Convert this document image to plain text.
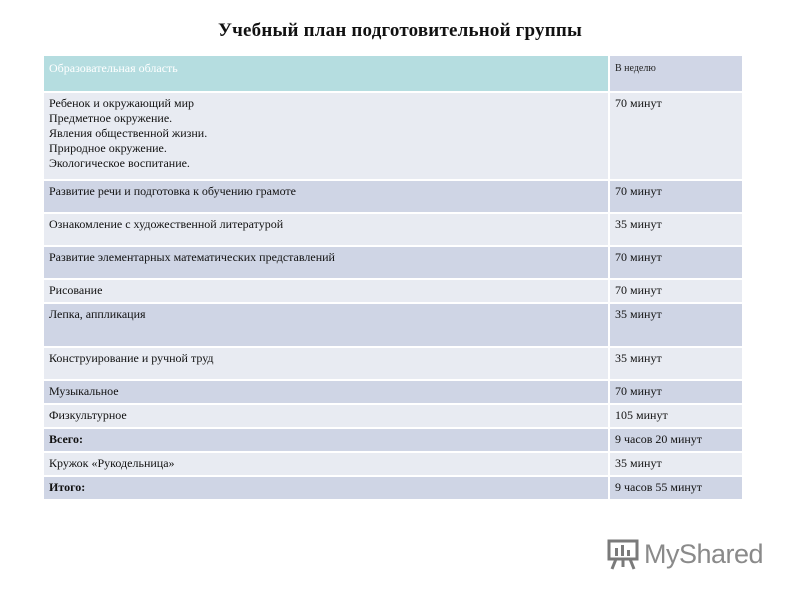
Учебный план подготовительной группы
Образовательная область	В неделю

Ребенок и окружающий мир
Предметное окружение.
Явления общественной жизни.
Природное окружение.
Экологическое воспитание.	70 минут
Развитие речи и подготовка к обучению грамоте	70 минут
Ознакомление с художественной литературой	35 минут
Развитие элементарных математических представлений	70 минут
Рисование	70 минут
Лепка, аппликация	35 минут
Конструирование и ручной труд	35 минут
Музыкальное	70 минут
Физкультурное	105 минут
Всего:	9 часов 20 минут
Кружок «Рукодельница»	35 минут
Итого:	9 часов 55 минут
MyShared
